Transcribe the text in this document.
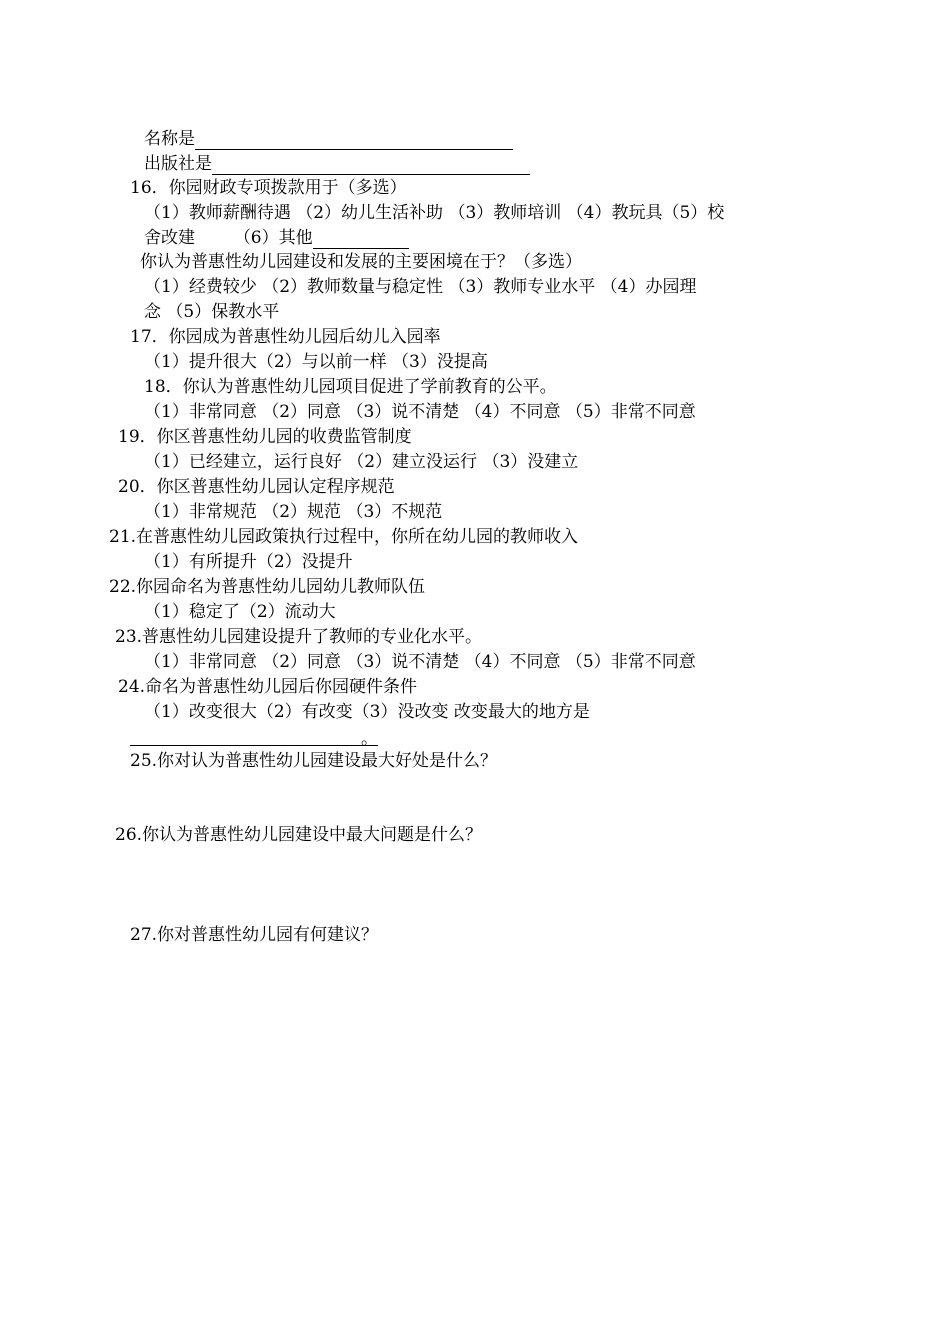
名称是
出版社是
16．你园财政专项拨款用于（多选）
（1）教师薪酬待遇 （2）幼儿生活补助 （3）教师培训 （4）教玩具（5）校
舍改建 （6）其他
你认为普惠性幼儿园建设和发展的主要困境在于？（多选）
（1）经费较少 （2）教师数量与稳定性 （3）教师专业水平 （4）办园理
念 （5）保教水平
17．你园成为普惠性幼儿园后幼儿入园率
（1）提升很大（2）与以前一样 （3）没提高
18．你认为普惠性幼儿园项目促进了学前教育的公平。
（1）非常同意 （2）同意 （3）说不清楚 （4）不同意 （5）非常不同意
19．你区普惠性幼儿园的收费监管制度
（1）已经建立，运行良好 （2）建立没运行 （3）没建立
20．你区普惠性幼儿园认定程序规范
（1）非常规范 （2）规范 （3）不规范
21.在普惠性幼儿园政策执行过程中，你所在幼儿园的教师收入
（1）有所提升（2）没提升
22.你园命名为普惠性幼儿园幼儿教师队伍
（1）稳定了（2）流动大
23.普惠性幼儿园建设提升了教师的专业化水平。
（1）非常同意 （2）同意 （3）说不清楚 （4）不同意 （5）非常不同意
24.命名为普惠性幼儿园后你园硬件条件
（1）改变很大（2）有改变（3）没改变 改变最大的地方是
。
25.你对认为普惠性幼儿园建设最大好处是什么？
26.你认为普惠性幼儿园建设中最大问题是什么？
27.你对普惠性幼儿园有何建议？
